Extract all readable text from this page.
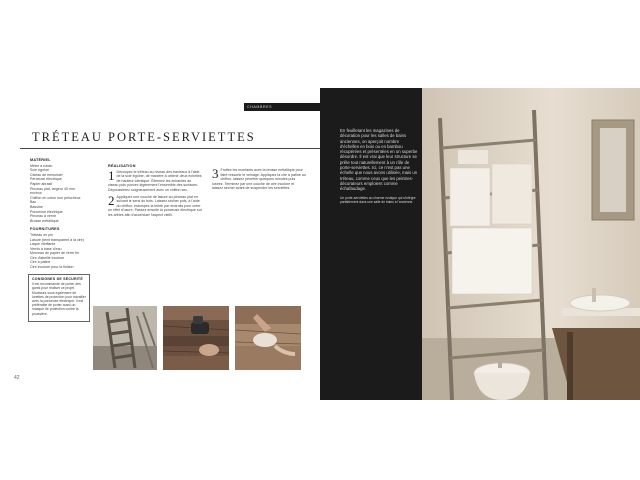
TRÉTEAU PORTE-SERVIETTES
MATÉRIEL
Mètre à ruban
Scie égoïne
Ciseau de menuisier
Perceuse électrique
Papier abrasif
Pinceau plat, largeur 40 mm environ
Chiffon en coton non pelucheux
Bac
Bassine
Ponceuse électrique
Pinceau à vernir
Brosse métallique
FOURNITURES
Tréteau en pin
Lasure (teint transparent à la cire)
Laque vitrifiante
Vernis à base d'eau
Morceau de papier de verre fin
Cire d'abeille incolore
Cire à patine
Cire incolore pour la finition
CONSIGNES DE SÉCURITÉ
Il est recommandé de porter des gants pour réaliser ce projet. Munissez-vous également de lunettes de protection pour travailler avec la ponceuse électrique. Il est préférable de porter aussi un masque de protection contre la poussière.
RÉALISATION

1 Découpez le tréteau au niveau des barreaux à l'aide de la scie égoïne, de manière à obtenir deux échelles de hauteur identique. Éliminez les échardes au ciseau puis poncez légèrement l'ensemble des surfaces. Dépoussiérez soigneusement avec un chiffon sec.

2 Appliquez une couche de lasure au pinceau plat en suivant le sens du bois. Laissez sécher puis, à l'aide du chiffon, estompez la teinte par endroits pour créer un effet d'usure. Passez ensuite la ponceuse électrique sur les arêtes afin d'accentuer l'aspect vieilli.

3 Frottez les montants avec la brosse métallique pour faire ressortir le veinage. Appliquez la cire à patine au chiffon, laissez pénétrer quelques minutes puis lustrez. Terminez par une couche de cire incolore et laissez sécher avant de suspendre les serviettes.

42
CHAMBRES
En feuilletant les magazines de décoration pour les salles de bains anciennes, on aperçoit nombre d'échelles en bois ou en bambou récupérées et présentées en un superbe désordre. Il est vrai que leur structure se prête tout naturellement à un rôle de porte-serviettes. Ici, ce n'est pas une échelle que nous avons utilisée, mais un tréteau, comme ceux que les peintres-décorateurs emploient comme échafaudage.
Un porte-serviettes au charme rustique qui s'intègre parfaitement dans une salle de bains à l'ancienne.
